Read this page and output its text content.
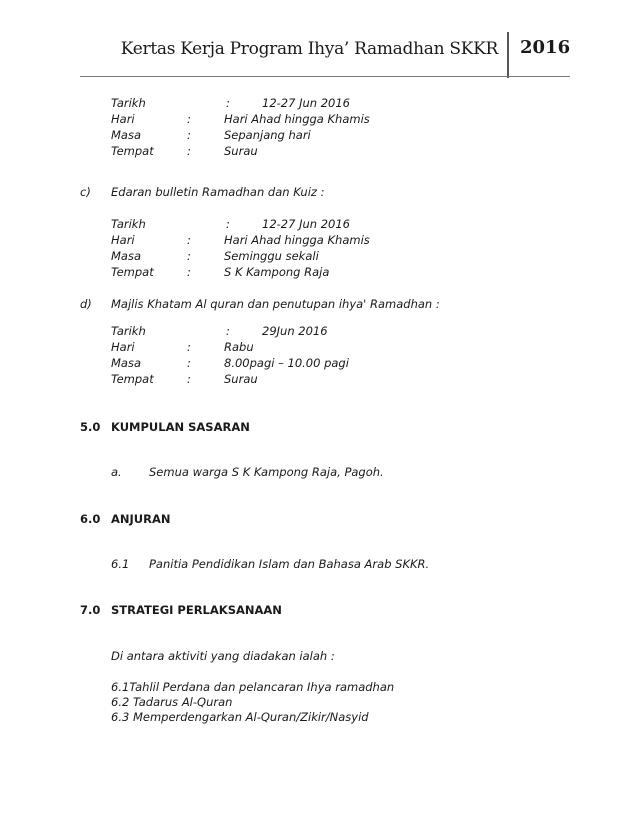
Kertas Kerja Program Ihya’ Ramadhan SKKR 2016
Tarikh	:	12-27 Jun 2016
Hari	:	Hari Ahad hingga Khamis
Masa	:	Sepanjang hari
Tempat	:	Surau
c) Edaran bulletin Ramadhan dan Kuiz :
Tarikh	:	12-27 Jun 2016
Hari	:	Hari Ahad hingga Khamis
Masa	:	Seminggu sekali
Tempat	:	S K Kampong Raja
d) Majlis Khatam Al quran dan penutupan ihya' Ramadhan :
Tarikh	:	29Jun 2016
Hari	:	Rabu
Masa	:	8.00pagi – 10.00 pagi
Tempat	:	Surau
5.0 KUMPULAN SASARAN
a. Semua warga S K Kampong Raja, Pagoh.
6.0 ANJURAN
6.1 Panitia Pendidikan Islam dan Bahasa Arab SKKR.
7.0 STRATEGI PERLAKSANAAN
Di antara aktiviti yang diadakan ialah :
6.1Tahlil Perdana dan pelancaran Ihya ramadhan
6.2 Tadarus Al-Quran
6.3 Memperdengarkan Al-Quran/Zikir/Nasyid
